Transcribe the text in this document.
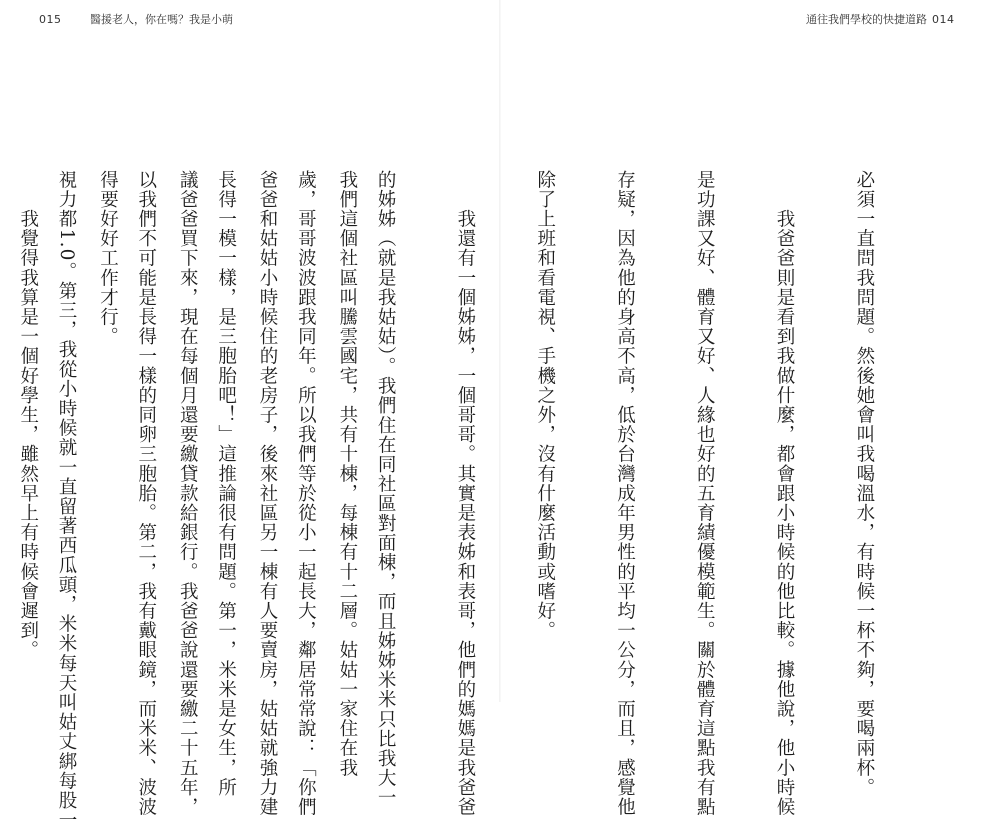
015	醫援老人，你在嗎？我是小萌

我們這個社區叫騰雲國宅，共有十棟，每棟有十二層。姑姑一家住在我

爸爸和姑姑小時候住的老房子，後來社區另一棟有人要賣房，姑姑就強力建

議爸爸買下來，現在每個月還要繳貸款給銀行。我爸爸說還要繳二十五年，

得要好好工作才行。

　　我覺得我算是一個好學生，雖然早上有時候會遲到。

通往我們學校的快捷道路 014

必須一直問我問題。然後她會叫我喝溫水，有時候一杯不夠，要喝兩杯。

　　我爸爸則是看到我做什麼，都會跟小時候的他比較。據他說，他小時候

是功課又好、體育又好、人緣也好的五育績優模範生。關於體育這點我有點

存疑，因為他的身高不高，低於台灣成年男性的平均一公分，而且，感覺他

除了上班和看電視、手機之外，沒有什麼活動或嗜好。

　　我還有一個姊姊，一個哥哥。其實是表姊和表哥，他們的媽媽是我爸爸

的姊姊（就是我姑姑）。我們住在同社區對面棟，而且姊姊米米只比我大一

歲，哥哥波波跟我同年。所以我們等於從小一起長大，鄰居常常說：「你們

長得一模一樣，是三胞胎吧！」這推論很有問題。第一，米米是女生，所

以我們不可能是長得一樣的同卵三胞胎。第二，我有戴眼鏡，而米米、波波

視力都1.0。第三，我從小時候就一直留著西瓜頭，米米每天叫姑丈綁每股一
